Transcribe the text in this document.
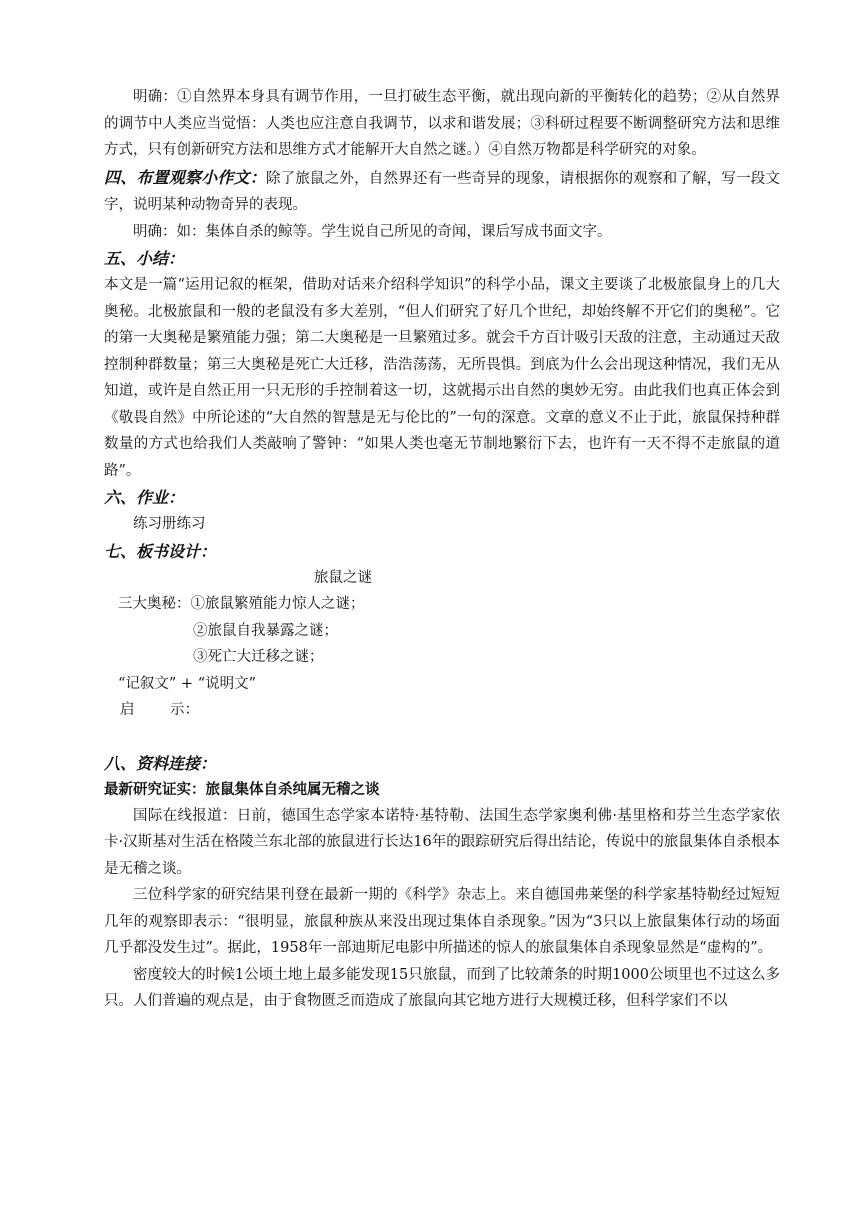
明确：①自然界本身具有调节作用，一旦打破生态平衡，就出现向新的平衡转化的趋势；②从自然界的调节中人类应当觉悟：人类也应注意自我调节，以求和谐发展；③科研过程要不断调整研究方法和思维方式，只有创新研究方法和思维方式才能解开大自然之谜。）④自然万物都是科学研究的对象。

四、布置观察小作文：除了旅鼠之外，自然界还有一些奇异的现象，请根据你的观察和了解，写一段文字，说明某种动物奇异的表现。

明确：如：集体自杀的鲸等。学生说自己所见的奇闻，课后写成书面文字。

五、小结：

本文是一篇“运用记叙的框架，借助对话来介绍科学知识”的科学小品，课文主要谈了北极旅鼠身上的几大奥秘。北极旅鼠和一般的老鼠没有多大差别，“但人们研究了好几个世纪，却始终解不开它们的奥秘”。它的第一大奥秘是繁殖能力强；第二大奥秘是一旦繁殖过多。就会千方百计吸引天敌的注意，主动通过天敌控制种群数量；第三大奥秘是死亡大迁移，浩浩荡荡，无所畏惧。到底为什么会出现这种情况，我们无从知道，或许是自然正用一只无形的手控制着这一切，这就揭示出自然的奥妙无穷。由此我们也真正体会到《敬畏自然》中所论述的“大自然的智慧是无与伦比的”一句的深意。文章的意义不止于此，旅鼠保持种群数量的方式也给我们人类敲响了警钟：“如果人类也毫无节制地繁衍下去，也许有一天不得不走旅鼠的道路”。

六、作业：

练习册练习

七、板书设计：

旅鼠之谜

三大奥秘：①旅鼠繁殖能力惊人之谜；

②旅鼠自我暴露之谜；

③死亡大迁移之谜；

“记叙文” + “说明文”

启 示：

八、资料连接：

最新研究证实：旅鼠集体自杀纯属无稽之谈

国际在线报道：日前，德国生态学家本诺特·基特勒、法国生态学家奥利佛·基里格和芬兰生态学家依卡·汉斯基对生活在格陵兰东北部的旅鼠进行长达16年的跟踪研究后得出结论，传说中的旅鼠集体自杀根本是无稽之谈。

三位科学家的研究结果刊登在最新一期的《科学》杂志上。来自德国弗莱堡的科学家基特勒经过短短几年的观察即表示：“很明显，旅鼠种族从来没出现过集体自杀现象。”因为“3只以上旅鼠集体行动的场面几乎都没发生过”。据此，1958年一部迪斯尼电影中所描述的惊人的旅鼠集体自杀现象显然是“虚构的”。

密度较大的时候1公顷土地上最多能发现15只旅鼠，而到了比较萧条的时期1000公顷里也不过这么多只。人们普遍的观点是，由于食物匮乏而造成了旅鼠向其它地方进行大规模迁移，但科学家们不以
